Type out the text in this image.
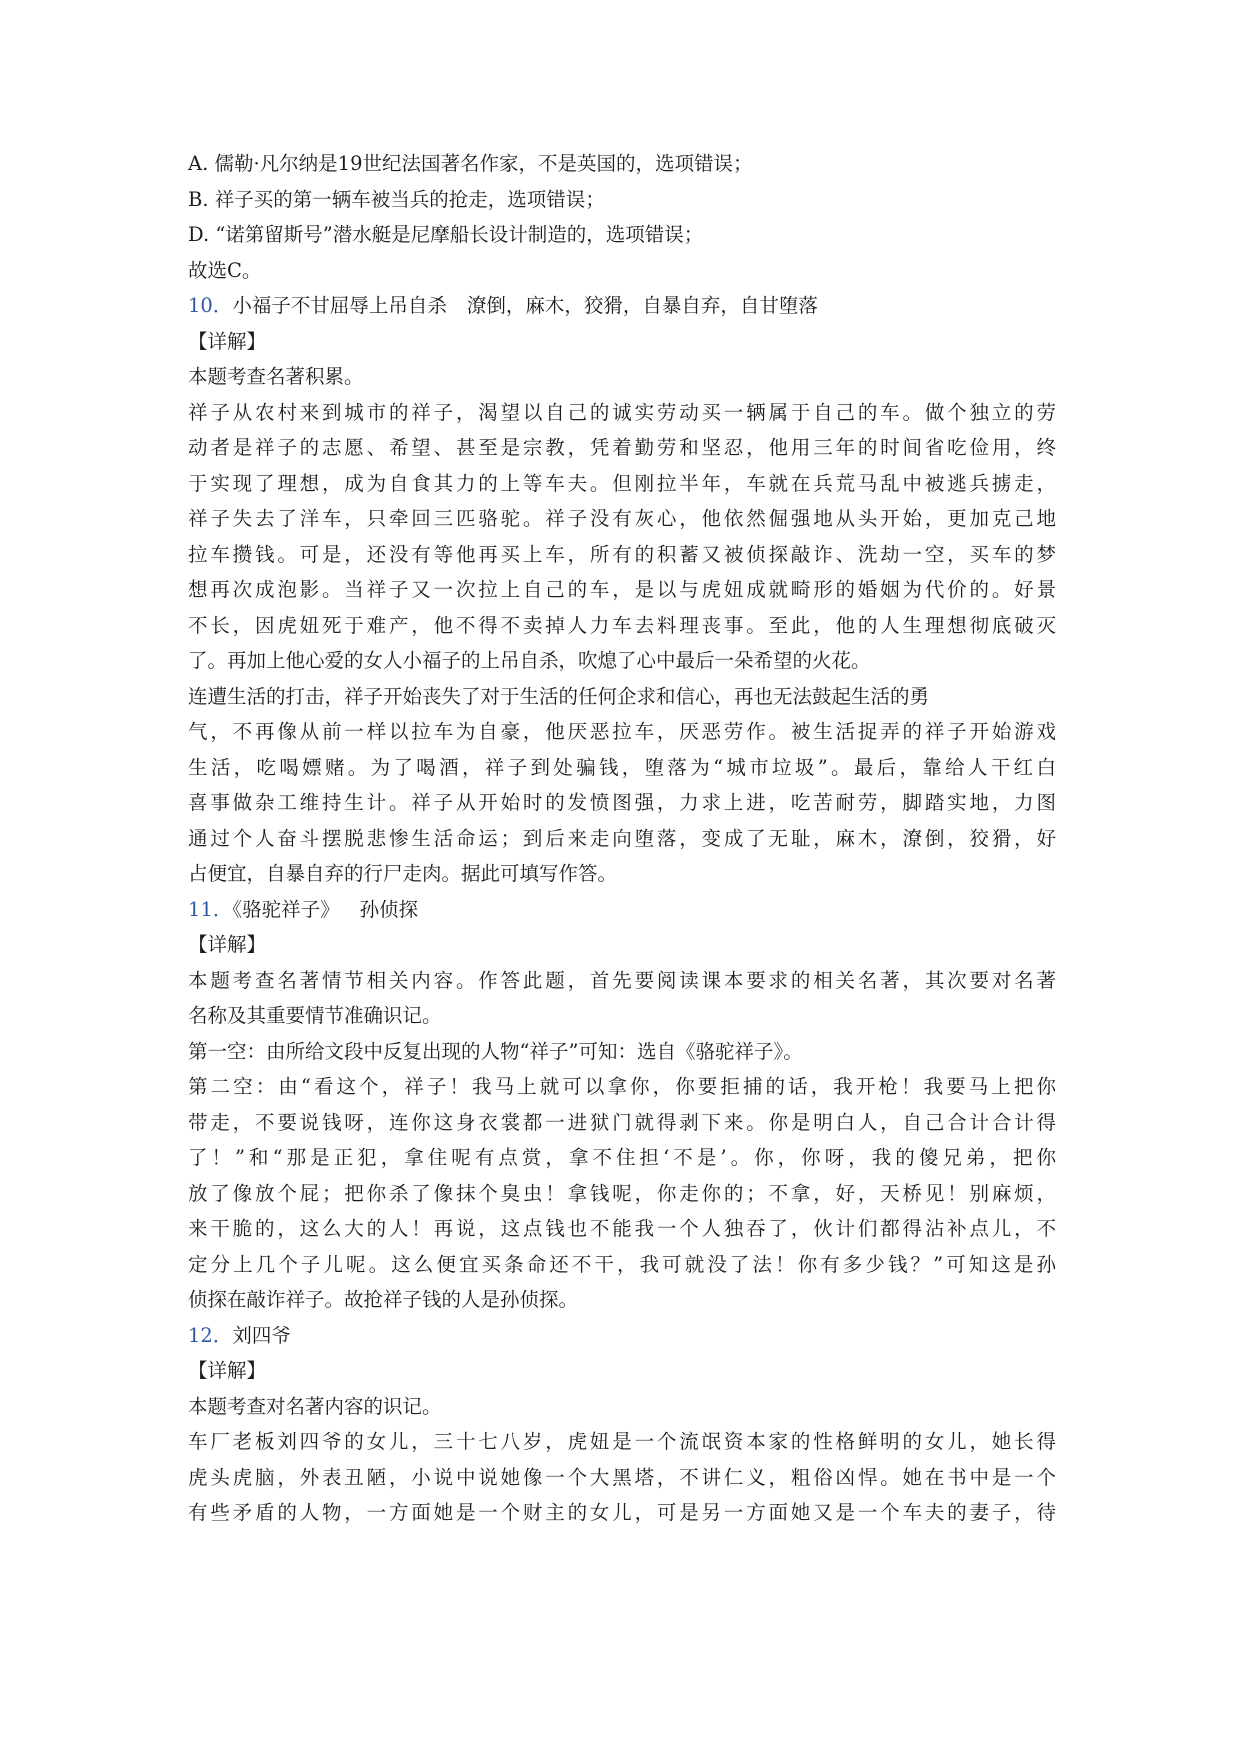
A. 儒勒·凡尔纳是19世纪法国著名作家，不是英国的，选项错误；
B. 祥子买的第一辆车被当兵的抢走，选项错误；
D. “诺第留斯号”潜水艇是尼摩船长设计制造的，选项错误；
故选C。
10．小福子不甘屈辱上吊自杀 潦倒，麻木，狡猾，自暴自弃，自甘堕落
【详解】
本题考查名著积累。
祥子从农村来到城市的祥子，渴望以自己的诚实劳动买一辆属于自己的车。做个独立的劳
动者是祥子的志愿、希望、甚至是宗教，凭着勤劳和坚忍，他用三年的时间省吃俭用，终
于实现了理想，成为自食其力的上等车夫。但刚拉半年，车就在兵荒马乱中被逃兵掳走，
祥子失去了洋车，只牵回三匹骆驼。祥子没有灰心，他依然倔强地从头开始，更加克己地
拉车攒钱。可是，还没有等他再买上车，所有的积蓄又被侦探敲诈、洗劫一空，买车的梦
想再次成泡影。当祥子又一次拉上自己的车，是以与虎妞成就畸形的婚姻为代价的。好景
不长，因虎妞死于难产，他不得不卖掉人力车去料理丧事。至此，他的人生理想彻底破灭
了。再加上他心爱的女人小福子的上吊自杀，吹熄了心中最后一朵希望的火花。
连遭生活的打击，祥子开始丧失了对于生活的任何企求和信心，再也无法鼓起生活的勇
气，不再像从前一样以拉车为自豪，他厌恶拉车，厌恶劳作。被生活捉弄的祥子开始游戏
生活，吃喝嫖赌。为了喝酒，祥子到处骗钱，堕落为“城市垃圾”。最后，靠给人干红白
喜事做杂工维持生计。祥子从开始时的发愤图强，力求上进，吃苦耐劳，脚踏实地，力图
通过个人奋斗摆脱悲惨生活命运；到后来走向堕落，变成了无耻，麻木，潦倒，狡猾，好
占便宜，自暴自弃的行尸走肉。据此可填写作答。
11．《骆驼祥子》 孙侦探
【详解】
本题考查名著情节相关内容。作答此题，首先要阅读课本要求的相关名著，其次要对名著
名称及其重要情节准确识记。
第一空：由所给文段中反复出现的人物“祥子”可知：选自《骆驼祥子》。
第二空：由“看这个，祥子！我马上就可以拿你，你要拒捕的话，我开枪！我要马上把你
带走，不要说钱呀，连你这身衣裳都一进狱门就得剥下来。你是明白人，自己合计合计得
了！”和“那是正犯，拿住呢有点赏，拿不住担‘不是’。你，你呀，我的傻兄弟，把你
放了像放个屁；把你杀了像抹个臭虫！拿钱呢，你走你的；不拿，好，天桥见！别麻烦，
来干脆的，这么大的人！再说，这点钱也不能我一个人独吞了，伙计们都得沾补点儿，不
定分上几个子儿呢。这么便宜买条命还不干，我可就没了法！你有多少钱？”可知这是孙
侦探在敲诈祥子。故抢祥子钱的人是孙侦探。
12．刘四爷
【详解】
本题考查对名著内容的识记。
车厂老板刘四爷的女儿，三十七八岁，虎妞是一个流氓资本家的性格鲜明的女儿，她长得
虎头虎脑，外表丑陋，小说中说她像一个大黑塔，不讲仁义，粗俗凶悍。她在书中是一个
有些矛盾的人物，一方面她是一个财主的女儿，可是另一方面她又是一个车夫的妻子，待
